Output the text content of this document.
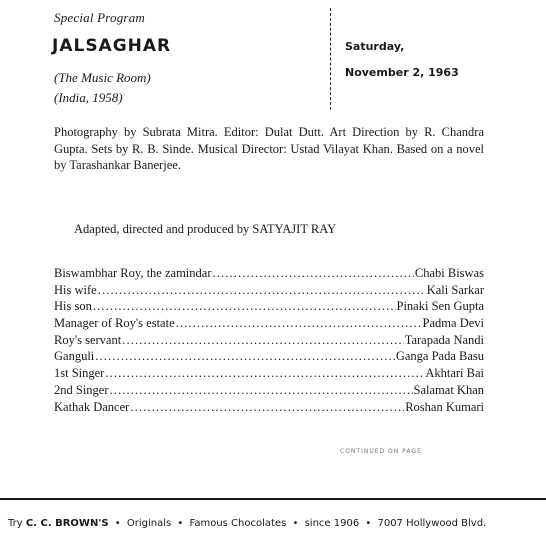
Special Program
JALSAGHAR
(The Music Room)
(India, 1958)
Saturday,
November 2, 1963

Photography by Subrata Mitra. Editor: Dulat Dutt. Art Direction by R. Chandra Gupta. Sets by R. B. Sinde. Musical Director: Ustad Vilayat Khan. Based on a novel by Tarashankar Banerjee.

Adapted, directed and produced by SATYAJIT RAY
Biswambhar Roy, the zamindar . . .	Chabi Biswas
His wife . . .	Kali Sarkar
His son . . .	Pinaki Sen Gupta
Manager of Roy's estate . . .	Padma Devi
Roy's servant . . .	Tarapada Nandi
Ganguli . . .	Ganga Pada Basu
1st Singer . . .	Akhtari Bai
2nd Singer . . .	Salamat Khan
Kathak Dancer . . .	Roshan Kumari
CONTINUED ON PAGE
Try C. C. BROWN'S • Originals • Famous Chocolates • since 1906 • 7007 Hollywood Blvd.
